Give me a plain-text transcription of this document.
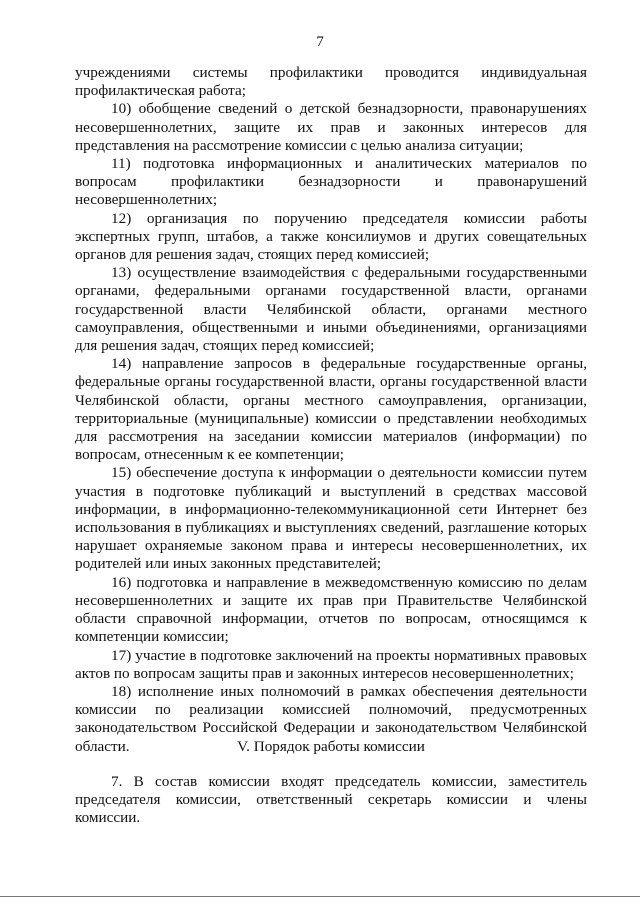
7

учреждениями системы профилактики проводится индивидуальная профилактическая работа;

10) обобщение сведений о детской безнадзорности, правонарушениях несовершеннолетних, защите их прав и законных интересов для представления на рассмотрение комиссии с целью анализа ситуации;

11) подготовка информационных и аналитических материалов по вопросам профилактики безнадзорности и правонарушений несовершеннолетних;

12) организация по поручению председателя комиссии работы экспертных групп, штабов, а также консилиумов и других совещательных органов для решения задач, стоящих перед комиссией;

13) осуществление взаимодействия с федеральными государственными органами, федеральными органами государственной власти, органами государственной власти Челябинской области, органами местного самоуправления, общественными и иными объединениями, организациями для решения задач, стоящих перед комиссией;

14) направление запросов в федеральные государственные органы, федеральные органы государственной власти, органы государственной власти Челябинской области, органы местного самоуправления, организации, территориальные (муниципальные) комиссии о представлении необходимых для рассмотрения на заседании комиссии материалов (информации) по вопросам, отнесенным к ее компетенции;

15) обеспечение доступа к информации о деятельности комиссии путем участия в подготовке публикаций и выступлений в средствах массовой информации, в информационно-телекоммуникационной сети Интернет без использования в публикациях и выступлениях сведений, разглашение которых нарушает охраняемые законом права и интересы несовершеннолетних, их родителей или иных законных представителей;

16) подготовка и направление в межведомственную комиссию по делам несовершеннолетних и защите их прав при Правительстве Челябинской области справочной информации, отчетов по вопросам, относящимся к компетенции комиссии;

17) участие в подготовке заключений на проекты нормативных правовых актов по вопросам защиты прав и законных интересов несовершеннолетних;

18) исполнение иных полномочий в рамках обеспечения деятельности комиссии по реализации комиссией полномочий, предусмотренных законодательством Российской Федерации и законодательством Челябинской области.	V. Порядок работы комиссии

7. В состав комиссии входят председатель комиссии, заместитель председателя комиссии, ответственный секретарь комиссии и члены комиссии.
